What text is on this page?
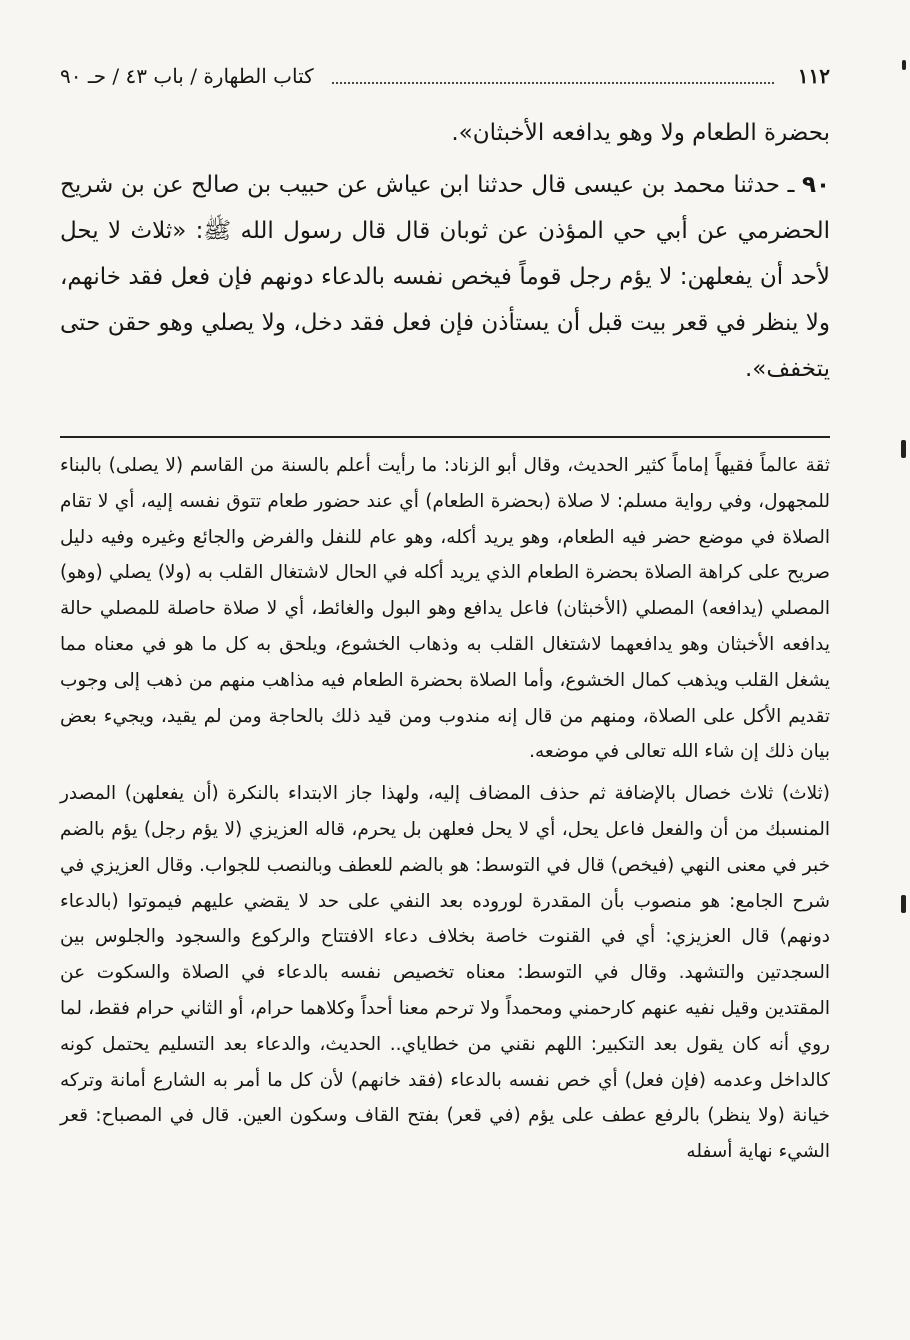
١١٢
كتاب الطهارة / باب ٤٣ / حـ ٩٠

بحضرة الطعام ولا وهو يدافعه الأخبثان».

٩٠ ـ حدثنا محمد بن عيسى قال حدثنا ابن عياش عن حبيب بن صالح عن بن شريح الحضرمي عن أبي حي المؤذن عن ثوبان قال قال رسول الله ﷺ: «ثلاث لا يحل لأحد أن يفعلهن: لا يؤم رجل قوماً فيخص نفسه بالدعاء دونهم فإن فعل فقد خانهم، ولا ينظر في قعر بيت قبل أن يستأذن فإن فعل فقد دخل، ولا يصلي وهو حقن حتى يتخفف».

ثقة عالماً فقيهاً إماماً كثير الحديث، وقال أبو الزناد: ما رأيت أعلم بالسنة من القاسم (لا يصلى) بالبناء للمجهول، وفي رواية مسلم: لا صلاة (بحضرة الطعام) أي عند حضور طعام تتوق نفسه إليه، أي لا تقام الصلاة في موضع حضر فيه الطعام، وهو يريد أكله، وهو عام للنفل والفرض والجائع وغيره وفيه دليل صريح على كراهة الصلاة بحضرة الطعام الذي يريد أكله في الحال لاشتغال القلب به (ولا) يصلي (وهو) المصلي (يدافعه) المصلي (الأخبثان) فاعل يدافع وهو البول والغائط، أي لا صلاة حاصلة للمصلي حالة يدافعه الأخبثان وهو يدافعهما لاشتغال القلب به وذهاب الخشوع، ويلحق به كل ما هو في معناه مما يشغل القلب ويذهب كمال الخشوع، وأما الصلاة بحضرة الطعام فيه مذاهب منهم من ذهب إلى وجوب تقديم الأكل على الصلاة، ومنهم من قال إنه مندوب ومن قيد ذلك بالحاجة ومن لم يقيد، ويجيء بعض بيان ذلك إن شاء الله تعالى في موضعه.

(ثلاث) ثلاث خصال بالإضافة ثم حذف المضاف إليه، ولهذا جاز الابتداء بالنكرة (أن يفعلهن) المصدر المنسبك من أن والفعل فاعل يحل، أي لا يحل فعلهن بل يحرم، قاله العزيزي (لا يؤم رجل) يؤم بالضم خبر في معنى النهي (فيخص) قال في التوسط: هو بالضم للعطف وبالنصب للجواب. وقال العزيزي في شرح الجامع: هو منصوب بأن المقدرة لوروده بعد النفي على حد لا يقضي عليهم فيموتوا (بالدعاء دونهم) قال العزيزي: أي في القنوت خاصة بخلاف دعاء الافتتاح والركوع والسجود والجلوس بين السجدتين والتشهد. وقال في التوسط: معناه تخصيص نفسه بالدعاء في الصلاة والسكوت عن المقتدين وقيل نفيه عنهم كارحمني ومحمداً ولا ترحم معنا أحداً وكلاهما حرام، أو الثاني حرام فقط، لما روي أنه كان يقول بعد التكبير: اللهم نقني من خطاياي.. الحديث، والدعاء بعد التسليم يحتمل كونه كالداخل وعدمه (فإن فعل) أي خص نفسه بالدعاء (فقد خانهم) لأن كل ما أمر به الشارع أمانة وتركه خيانة (ولا ينظر) بالرفع عطف على يؤم (في قعر) بفتح القاف وسكون العين. قال في المصباح: قعر الشيء نهاية أسفله
